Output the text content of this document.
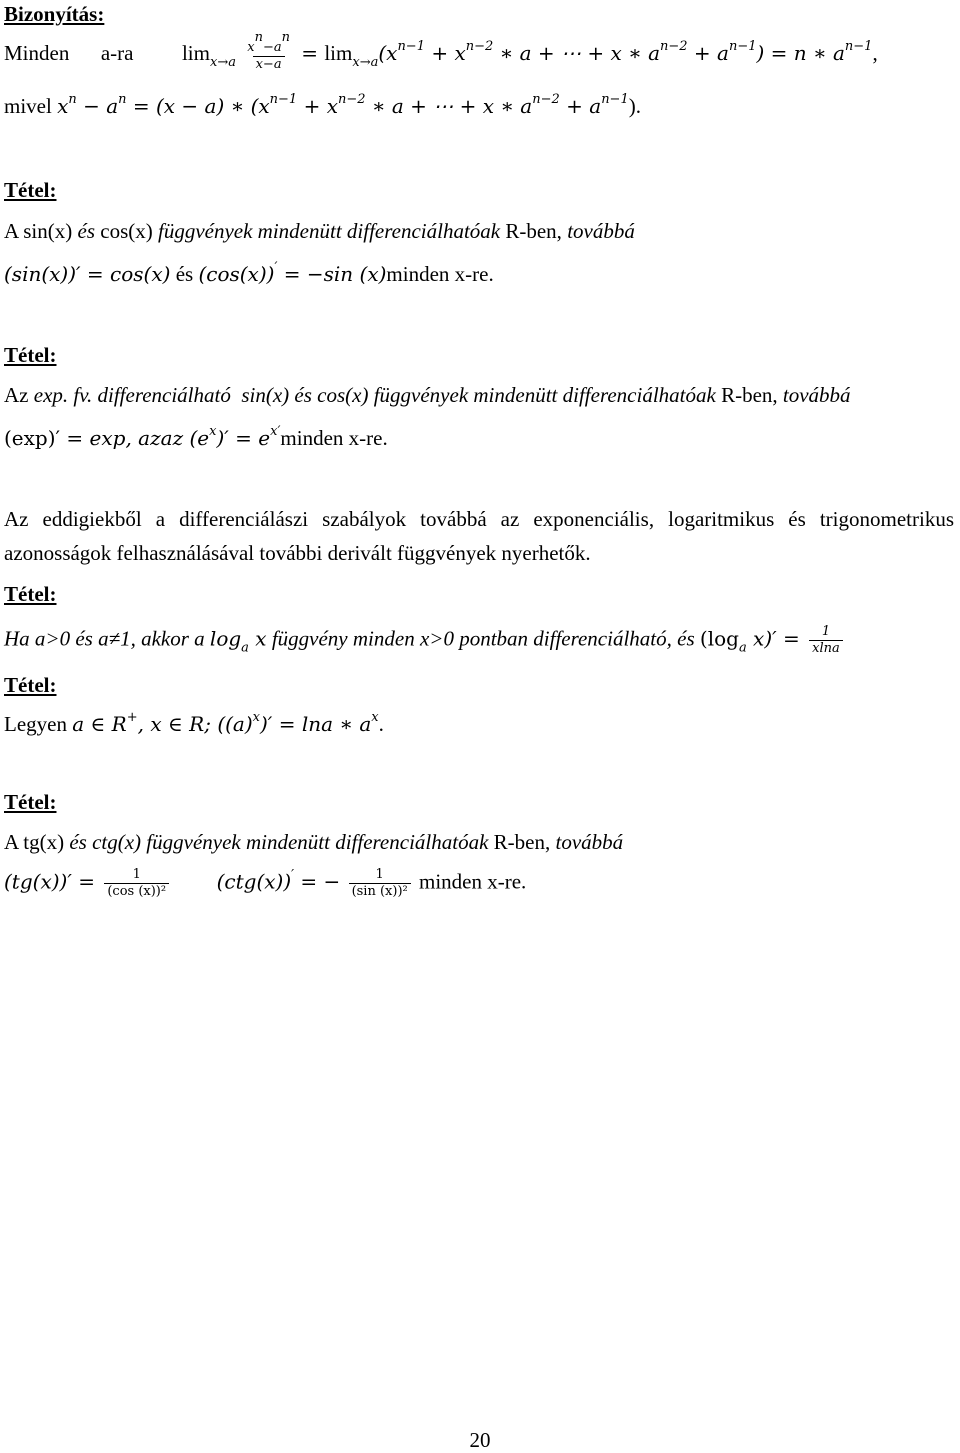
Bizonyítás:
Minden      a-ra $\lim_{x\to a} \frac{x^n-a^n}{x-a} = \lim_{x\to a}(x^{n-1} + x^{n-2}$ ∗ a + ⋯ + x ∗ $a^{n-2} + a^{n-1}) = n$ ∗ $a^{n-1}$,
mivel $x^n - a^n = (x - a)$ ∗ ($x^{n-1} + x^{n-2}$ ∗ a + ⋯ + x ∗ $a^{n-2} + a^{n-1}$).
Tétel:
A sin(x) és cos(x) függvények mindenütt differenciálhatóak R-ben, továbbá
(sin(x))′ = cos(x) és (cos(x))′ = −sin (x)minden x-re.
Tétel:
Az exp. fv. differenciálható  sin(x) és cos(x) függvények mindenütt differenciálhatóak R-ben, továbbá
(exp)′ = exp, azaz $(e^x)'$ = $e^{x'}minden$ x-re.
Az eddigiekből a differenciálászi szabályok továbbá az exponenciális, logaritmikus és trigonometrikus azonosságok felhasználásával további derivált függvények nyerhetők.
Tétel:
Ha a>0 és a≠1, akkor a $\log_a x$ függvény minden x>0 pontban differenciálható, és ($\log_a$ $x)' = \frac{1}{xlna}$
Tétel:
Legyen a ∈ R+, x ∈ R; $((a)^x)' = \ln a$ ∗ $a^x$.
Tétel:
A tg(x) és ctg(x) függvények mindenütt differenciálhatóak R-ben, továbbá
$(tg(x))' = \frac{1}{\text{(cos (x))²}} (ctg(x))'$ = − $\frac{1}{\text{(sin (x))²}}$ minden x-re.
20
